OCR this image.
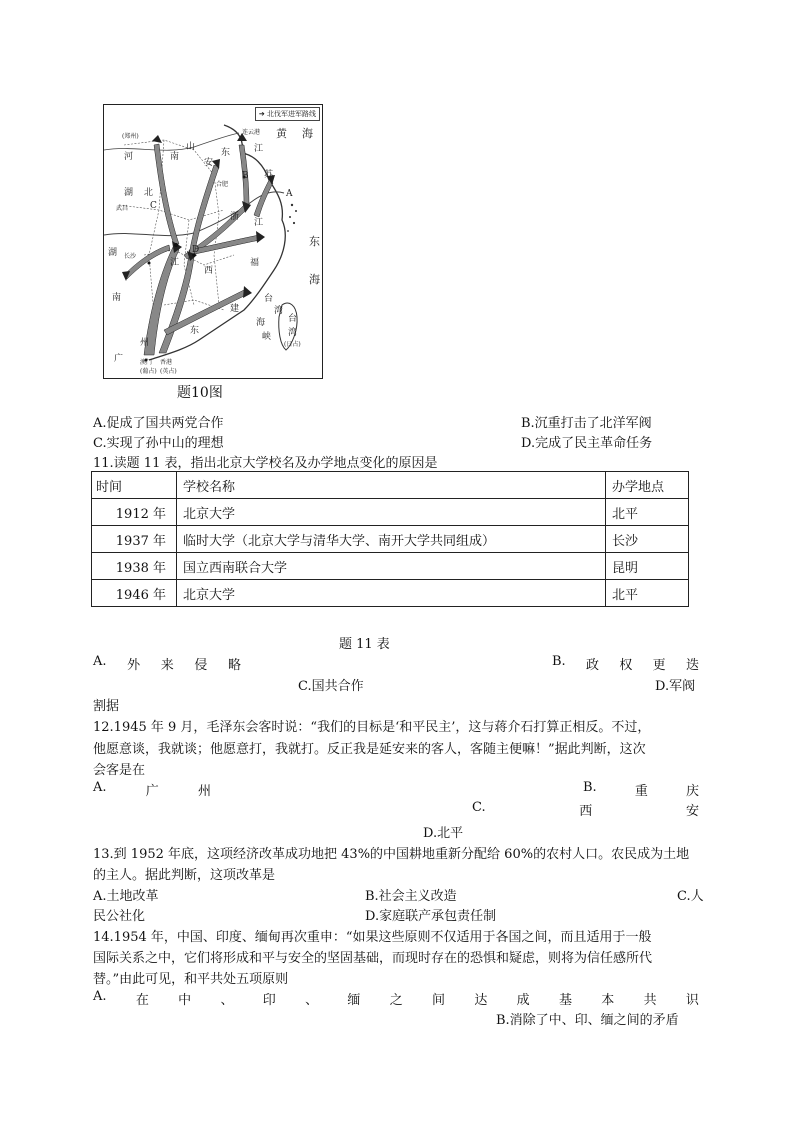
➔ 北伐军进军路线
山
东
连云港 黄 海
(郑州)
河	南
安
江
苏
B
合肥
A
湖 北
武昌 C
浙
江
东
海
湖 长沙
D
江
西
南
福
建
台
湾
海
峡
台
湾
(日占)
州
东
广	澳门
(葡占)
香港
(英占)
题10图
A.促成了国共两党合作	B.沉重打击了北洋军阀
C.实现了孙中山的理想	D.完成了民主革命任务
11.读题 11 表，指出北京大学校名及办学地点变化的原因是
时间	学校名称	办学地点
1912 年	北京大学	北平
1937 年	临时大学（北京大学与清华大学、南开大学共同组成）	长沙
1938 年	国立西南联合大学	昆明
1946 年	北京大学	北平
题 11 表
A. 外 来 侵 略	B. 政 权 更 迭
C.国共合作	D.军阀
割据
12.1945 年 9 月，毛泽东会客时说：“我们的目标是‘和平民主’，这与蒋介石打算正相反。不过，
他愿意谈，我就谈；他愿意打，我就打。反正我是延安来的客人，客随主便嘛！”据此判断，这次
会客是在
A.	广	州	B.	重	庆
C.	西	安
D.北平
13.到 1952 年底，这项经济改革成功地把 43%的中国耕地重新分配给 60%的农村人口。农民成为土地
的主人。据此判断，这项改革是
A.土地改革	B.社会主义改造	C.人
民公社化	D.家庭联产承包责任制
14.1954 年，中国、印度、缅甸再次重申：“如果这些原则不仅适用于各国之间，而且适用于一般
国际关系之中，它们将形成和平与安全的坚固基础，而现时存在的恐惧和疑虑，则将为信任感所代
替。”由此可见，和平共处五项原则
A. 在 中 、 印 、 缅 之 间 达 成 基 本 共 识
B.消除了中、印、缅之间的矛盾
